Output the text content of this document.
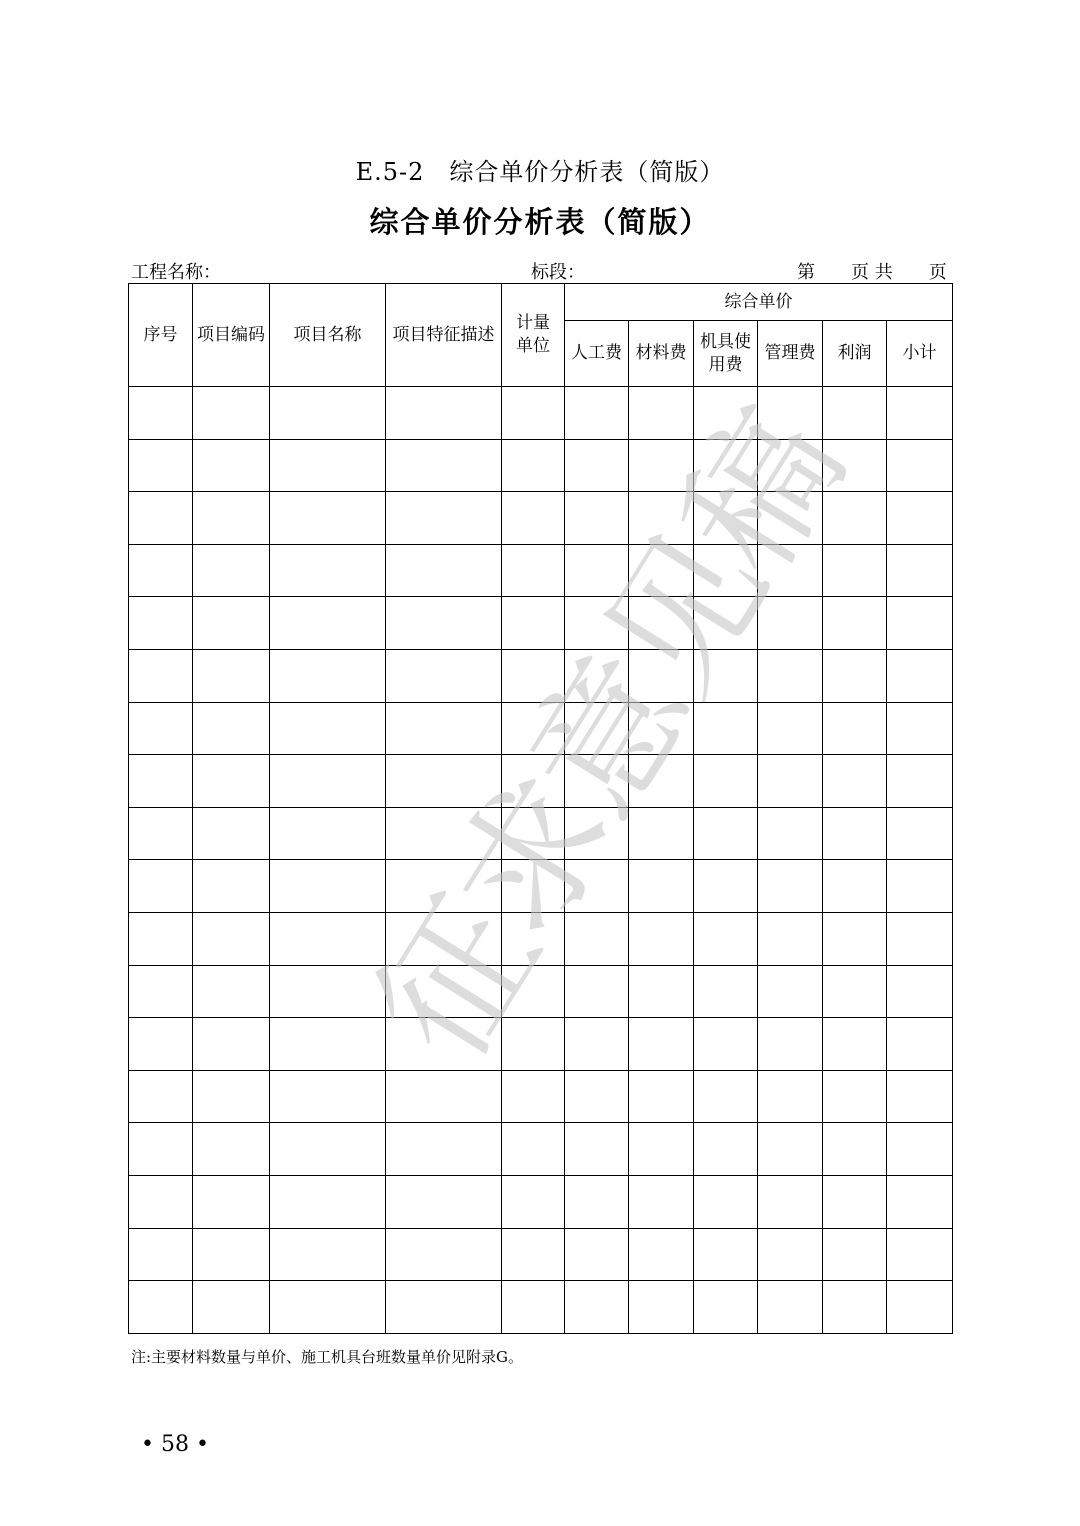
E.5-2　综合单价分析表（简版）
综合单价分析表（简版）
工程名称：	标段：	第　　页 共　　页
序号	项目编码	项目名称	项目特征描述	计量单位	综合单价					
					人工费	材料费	机具使用费	管理费	利润	小计

注:主要材料数量与单价、施工机具台班数量单价见附录G。
• 58 •
征求意见稿
